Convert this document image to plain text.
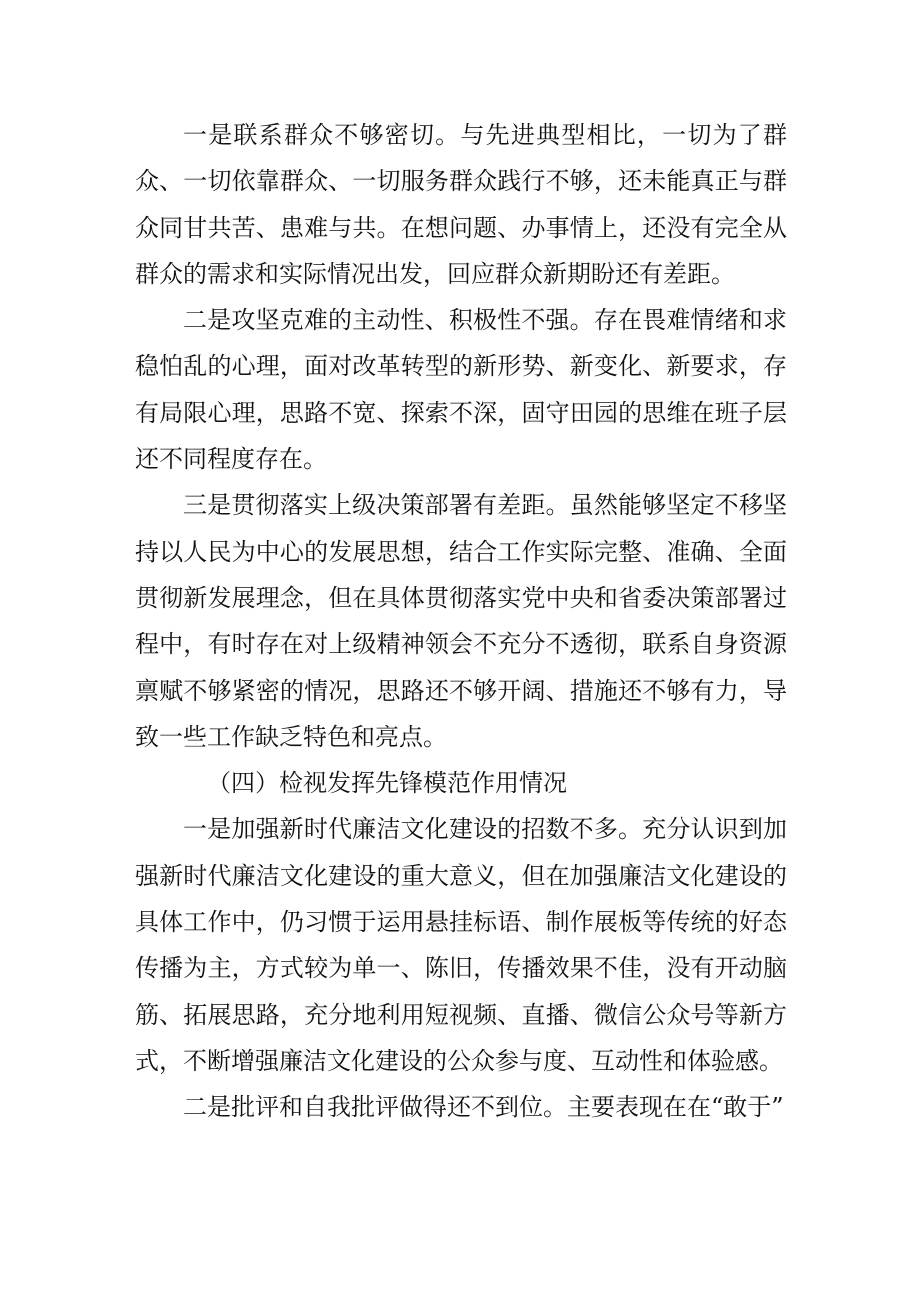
一是联系群众不够密切。与先进典型相比，一切为了群众、一切依靠群众、一切服务群众践行不够，还未能真正与群众同甘共苦、患难与共。在想问题、办事情上，还没有完全从群众的需求和实际情况出发，回应群众新期盼还有差距。

二是攻坚克难的主动性、积极性不强。存在畏难情绪和求稳怕乱的心理，面对改革转型的新形势、新变化、新要求，存有局限心理，思路不宽、探索不深，固守田园的思维在班子层还不同程度存在。

三是贯彻落实上级决策部署有差距。虽然能够坚定不移坚持以人民为中心的发展思想，结合工作实际完整、准确、全面贯彻新发展理念，但在具体贯彻落实党中央和省委决策部署过程中，有时存在对上级精神领会不充分不透彻，联系自身资源禀赋不够紧密的情况，思路还不够开阔、措施还不够有力，导致一些工作缺乏特色和亮点。

（四）检视发挥先锋模范作用情况

一是加强新时代廉洁文化建设的招数不多。充分认识到加强新时代廉洁文化建设的重大意义，但在加强廉洁文化建设的具体工作中，仍习惯于运用悬挂标语、制作展板等传统的好态传播为主，方式较为单一、陈旧，传播效果不佳，没有开动脑筋、拓展思路，充分地利用短视频、直播、微信公众号等新方式，不断增强廉洁文化建设的公众参与度、互动性和体验感。

二是批评和自我批评做得还不到位。主要表现在在“敢于”
